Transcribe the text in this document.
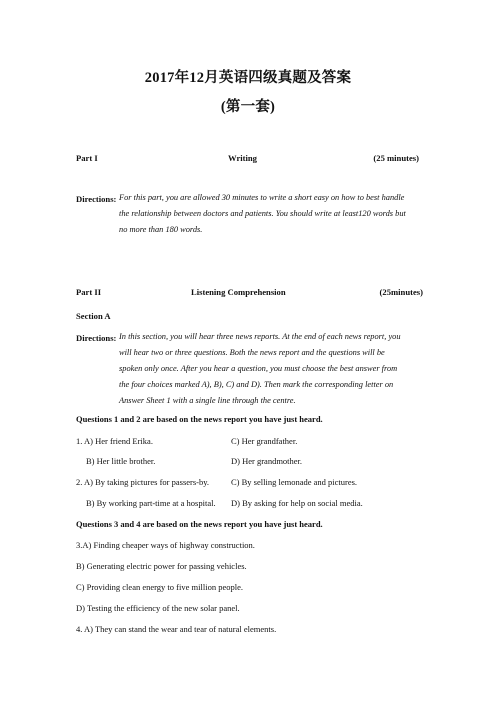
2017年12月英语四级真题及答案
(第一套)
Part I	Writing	(25 minutes)
Directions: For this part, you are allowed 30 minutes to write a short easy on how to best handle
the relationship between doctors and patients. You should write at least120 words but
no more than 180 words.
Part II	Listening Comprehension	(25minutes)
Section A
Directions: In this section, you will hear three news reports. At the end of each news report, you
will hear two or three questions. Both the news report and the questions will be
spoken only once. After you hear a question, you must choose the best answer from
the four choices marked A), B), C) and D). Then mark the corresponding letter on
Answer Sheet 1 with a single line through the centre.
Questions 1 and 2 are based on the news report you have just heard.
1. A) Her friend Erika.	C) Her grandfather.
B) Her little brother.	D) Her grandmother.
2. A) By taking pictures for passers-by.	C) By selling lemonade and pictures.
B) By working part-time at a hospital. D) By asking for help on social media.
Questions 3 and 4 are based on the news report you have just heard.
3.A) Finding cheaper ways of highway construction.
B) Generating electric power for passing vehicles.
C) Providing clean energy to five million people.
D) Testing the efficiency of the new solar panel.
4. A) They can stand the wear and tear of natural elements.
